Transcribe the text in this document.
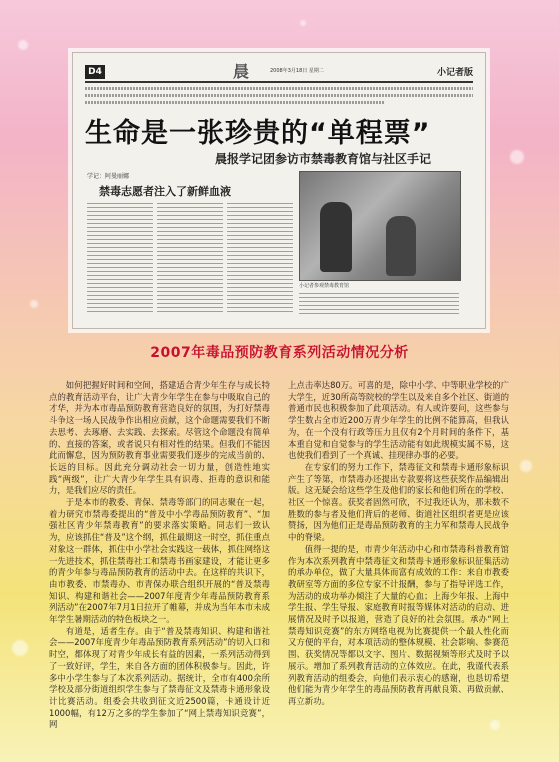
D4	晨	2008年3月18日 星期二	小记者版
生命是一张珍贵的“单程票”
晨报学记团参访市禁毒教育馆与社区手记
学记：阿曼丽娜
禁毒志愿者注入了新鲜血液
小记者参观禁毒教育馆
2007年毒品预防教育系列活动情况分析

如何把握好时间和空间，搭建适合青少年生存与成长特点的教育活动平台，让广大青少年学生在参与中吸取自己的才华，并为本市毒品预防教育营造良好的氛围，为打好禁毒斗争这一场人民战争作出相应贡献，这个命题需要我们不断去思考、去琢磨、去实践、去探索。尽管这个命题没有简单的、直接的答案，或者说只有相对性的结果。但我们不能因此而懈怠，因为预防教育事业需要我们逐步的完成当前的、长远的目标。因此充分调动社会一切力量，创造性地实践“两级”，让广大青少年学生具有识毒、拒毒的意识和能力，是我们应尽的责任。

于是本市的教委、青保、禁毒等部门的同志聚在一起，着力研究市禁毒委提出的“普及中小学毒品预防教育”、“加强社区青少年禁毒教育”的要求落实策略。同志们一致认为，应该抓住“普及”这个纲，抓住最期这一时空，抓住重点对象这一群体，抓住中小学社会实践这一载体，抓住网络这一先进技术，抓住禁毒社工和禁毒书画家建设，才能让更多的青少年参与毒品预防教育的活动中去。在这样的共识下，由市教委、市禁毒办、市青保办联合组织开展的“普及禁毒知识、构建和谐社会——2007年度青少年毒品预防教育系列活动”在2007年7月1日拉开了帷幕，并成为当年本市未成年学生暑期活动的特色板块之一。

有道是，适者生存。由于“普及禁毒知识、构建和谐社会——2007年度青少年毒品预防教育系列活动”的切入口和时空，都体现了对青少年成长有益的因素，一系列活动得到了一致好评，学生，来自各方面的团体积极参与。因此，许多中小学生参与了本次系列活动。据统计，全市有400余所学校及部分街道组织学生参与了禁毒征文及禁毒卡通形象设计比赛活动。组委会共收到征文近2500篇，卡通设计近1000幅，有12万之多的学生参加了“网上禁毒知识竞赛”，网

上点击率达80万。可喜的是，除中小学、中等职业学校的广大学生，近30所高等院校的学生以及来自多个社区、街道的普通市民也积极参加了此项活动。有人或许要问，这些参与学生数占全市近200万青少年学生的比例不能算高，但我认为，在一个没有行政等压力且仅有2个月时间的条件下，基本重自觉和自觉参与的学生活动能有如此规模实属不易，这也使我们看到了一个真诚、挂现律办事的必要。

在专家们的努力工作下，禁毒征文和禁毒卡通形象标识产生了等第，市禁毒办还提出专款要将这些获奖作品编辑出版。这无疑会给这些学生及他们的家长和他们所在的学校、社区一个惊喜。获奖者固然可欣，不过我还认为，那未数不胜数的参与者及他们背后的老师、街道社区组织者更是应该赞扬，因为他们正是毒品预防教育的主力军和禁毒人民战争中的脊梁。

值得一提的是，市青少年活动中心和市禁毒科普教育馆作为本次系列教育中禁毒征文和禁毒卡通形象标识征集活动的承办单位，做了大量具体而富有成效的工作：来自市教委教研室等方面的多位专家不计报酬，参与了指导评选工作，为活动的成功举办倾注了大量的心血；上海少年报、上海中学生报、学生导报、家庭教育时报等媒体对活动的启动、进展情况及时予以报道，营造了良好的社会氛围。承办“网上禁毒知识竞赛”的东方网络电视为比赛提供一个最人性化而又方便的平台，对本项活动的整体规模、社会影响、参赛范围、获奖情况等都以文字、图片、数据视频等形式及时予以展示。增加了系列教育活动的立体效应。在此，我谨代表系列教育活动的组委会，向他们表示衷心的感谢，也恳切希望他们能为青少年学生的毒品预防教育再献良策、再做贡献、再立新功。
